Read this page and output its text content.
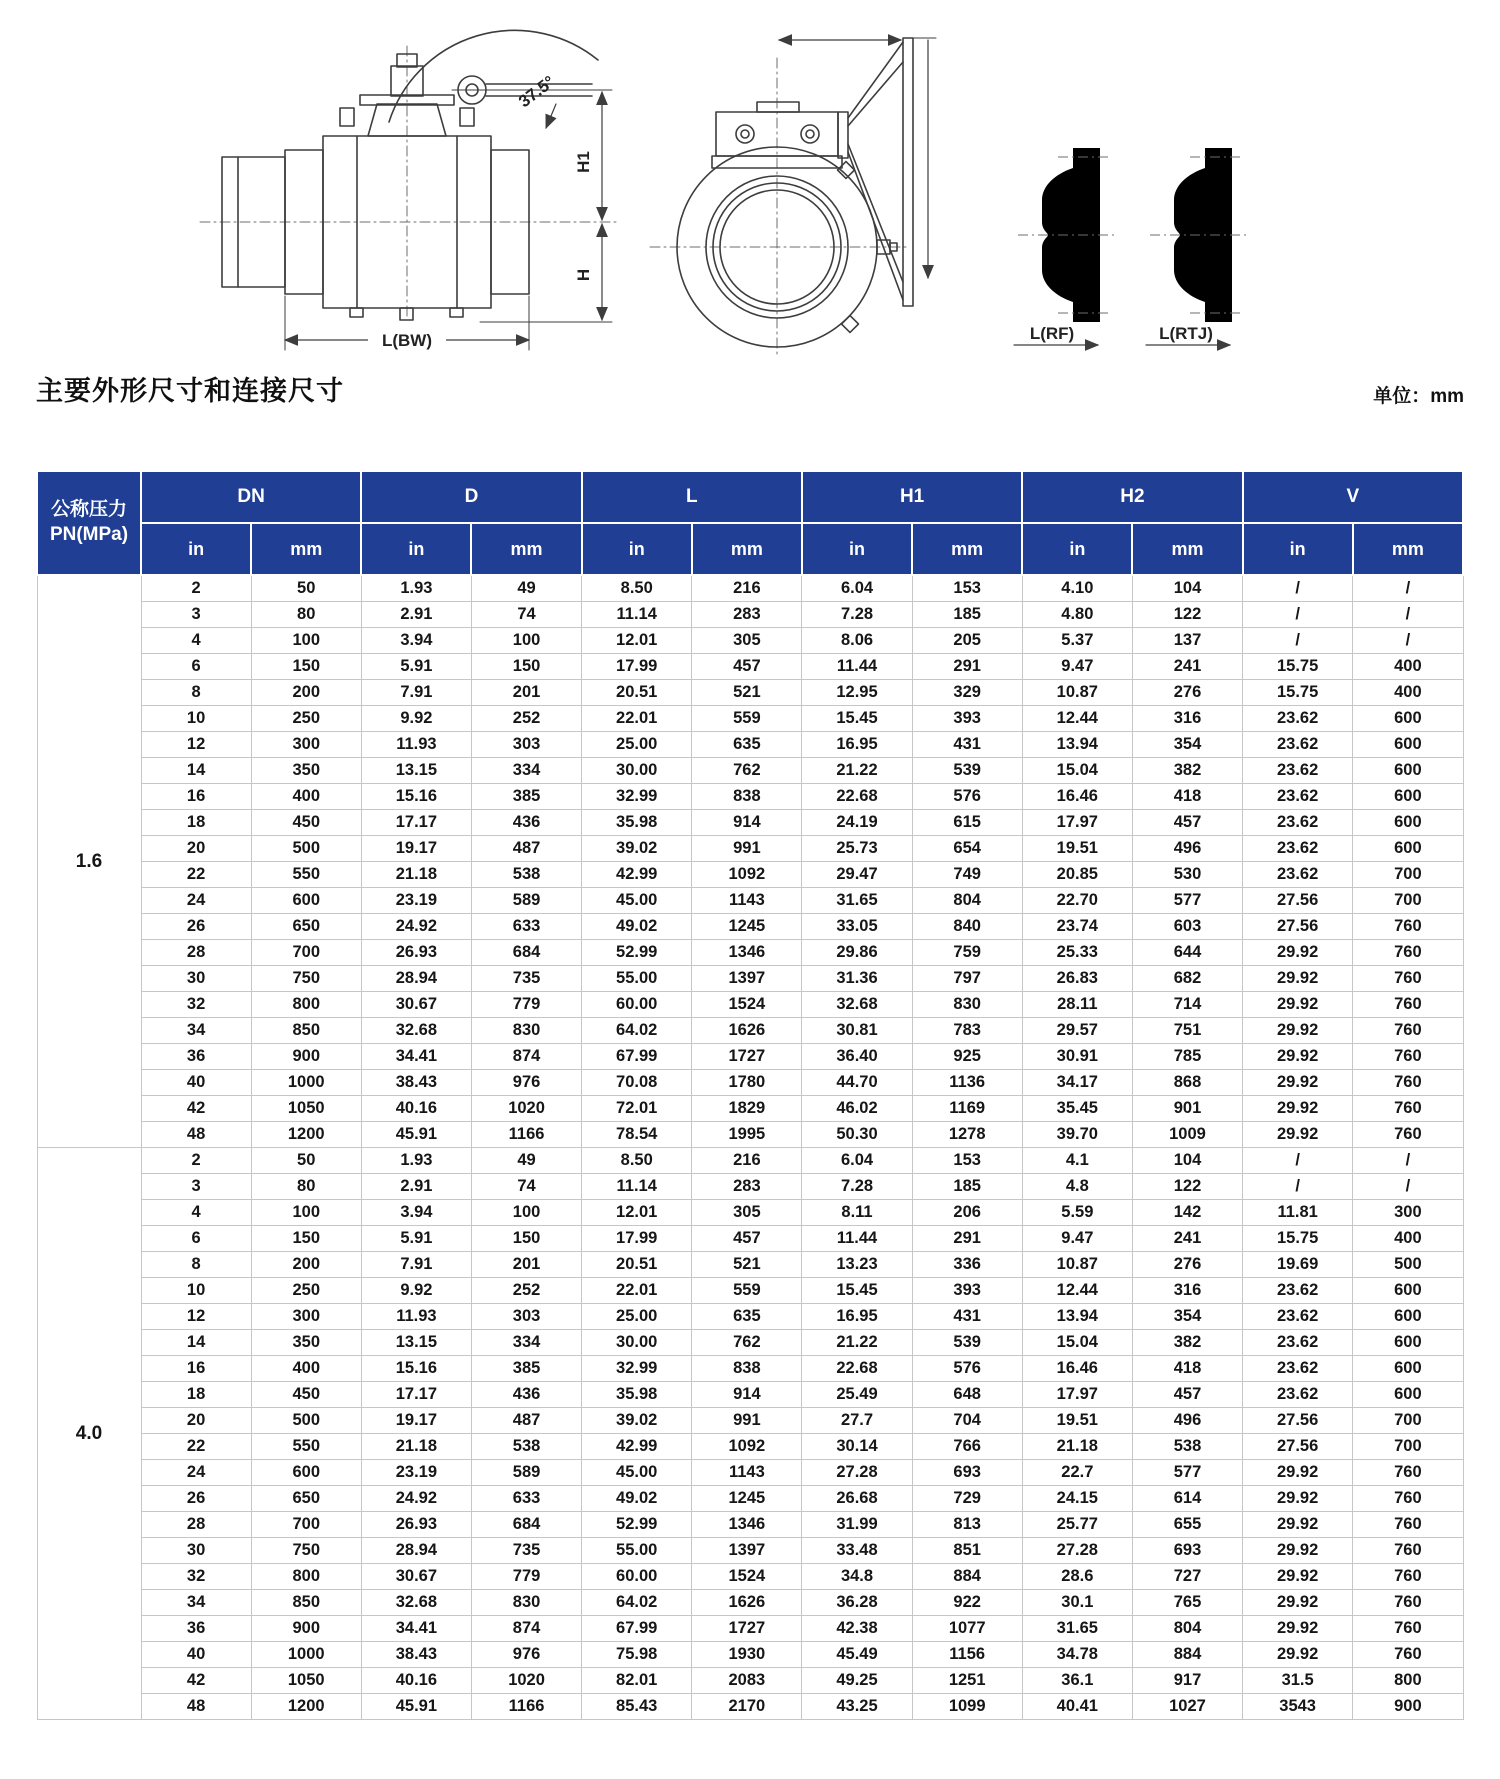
H1
H
37.5°
L(BW)	L(RF)	L(RTJ)
主要外形尺寸和连接尺寸	单位：mm
公称压力
PN(MPa)	DN		D		L		H1		H2		V	
	in	mm	in	mm	in	mm	in	mm	in	mm	in	mm
1.6	2	50	1.93	49	8.50	216	6.04	153	4.10	104	/	/
	3	80	2.91	74	11.14	283	7.28	185	4.80	122	/	/
	4	100	3.94	100	12.01	305	8.06	205	5.37	137	/	/
	6	150	5.91	150	17.99	457	11.44	291	9.47	241	15.75	400
	8	200	7.91	201	20.51	521	12.95	329	10.87	276	15.75	400
	10	250	9.92	252	22.01	559	15.45	393	12.44	316	23.62	600
	12	300	11.93	303	25.00	635	16.95	431	13.94	354	23.62	600
	14	350	13.15	334	30.00	762	21.22	539	15.04	382	23.62	600
	16	400	15.16	385	32.99	838	22.68	576	16.46	418	23.62	600
	18	450	17.17	436	35.98	914	24.19	615	17.97	457	23.62	600
	20	500	19.17	487	39.02	991	25.73	654	19.51	496	23.62	600
	22	550	21.18	538	42.99	1092	29.47	749	20.85	530	23.62	700
	24	600	23.19	589	45.00	1143	31.65	804	22.70	577	27.56	700
	26	650	24.92	633	49.02	1245	33.05	840	23.74	603	27.56	760
	28	700	26.93	684	52.99	1346	29.86	759	25.33	644	29.92	760
	30	750	28.94	735	55.00	1397	31.36	797	26.83	682	29.92	760
	32	800	30.67	779	60.00	1524	32.68	830	28.11	714	29.92	760
	34	850	32.68	830	64.02	1626	30.81	783	29.57	751	29.92	760
	36	900	34.41	874	67.99	1727	36.40	925	30.91	785	29.92	760
	40	1000	38.43	976	70.08	1780	44.70	1136	34.17	868	29.92	760
	42	1050	40.16	1020	72.01	1829	46.02	1169	35.45	901	29.92	760
	48	1200	45.91	1166	78.54	1995	50.30	1278	39.70	1009	29.92	760
4.0	2	50	1.93	49	8.50	216	6.04	153	4.1	104	/	/
	3	80	2.91	74	11.14	283	7.28	185	4.8	122	/	/
	4	100	3.94	100	12.01	305	8.11	206	5.59	142	11.81	300
	6	150	5.91	150	17.99	457	11.44	291	9.47	241	15.75	400
	8	200	7.91	201	20.51	521	13.23	336	10.87	276	19.69	500
	10	250	9.92	252	22.01	559	15.45	393	12.44	316	23.62	600
	12	300	11.93	303	25.00	635	16.95	431	13.94	354	23.62	600
	14	350	13.15	334	30.00	762	21.22	539	15.04	382	23.62	600
	16	400	15.16	385	32.99	838	22.68	576	16.46	418	23.62	600
	18	450	17.17	436	35.98	914	25.49	648	17.97	457	23.62	600
	20	500	19.17	487	39.02	991	27.7	704	19.51	496	27.56	700
	22	550	21.18	538	42.99	1092	30.14	766	21.18	538	27.56	700
	24	600	23.19	589	45.00	1143	27.28	693	22.7	577	29.92	760
	26	650	24.92	633	49.02	1245	26.68	729	24.15	614	29.92	760
	28	700	26.93	684	52.99	1346	31.99	813	25.77	655	29.92	760
	30	750	28.94	735	55.00	1397	33.48	851	27.28	693	29.92	760
	32	800	30.67	779	60.00	1524	34.8	884	28.6	727	29.92	760
	34	850	32.68	830	64.02	1626	36.28	922	30.1	765	29.92	760
	36	900	34.41	874	67.99	1727	42.38	1077	31.65	804	29.92	760
	40	1000	38.43	976	75.98	1930	45.49	1156	34.78	884	29.92	760
	42	1050	40.16	1020	82.01	2083	49.25	1251	36.1	917	31.5	800
	48	1200	45.91	1166	85.43	2170	43.25	1099	40.41	1027	3543	900
